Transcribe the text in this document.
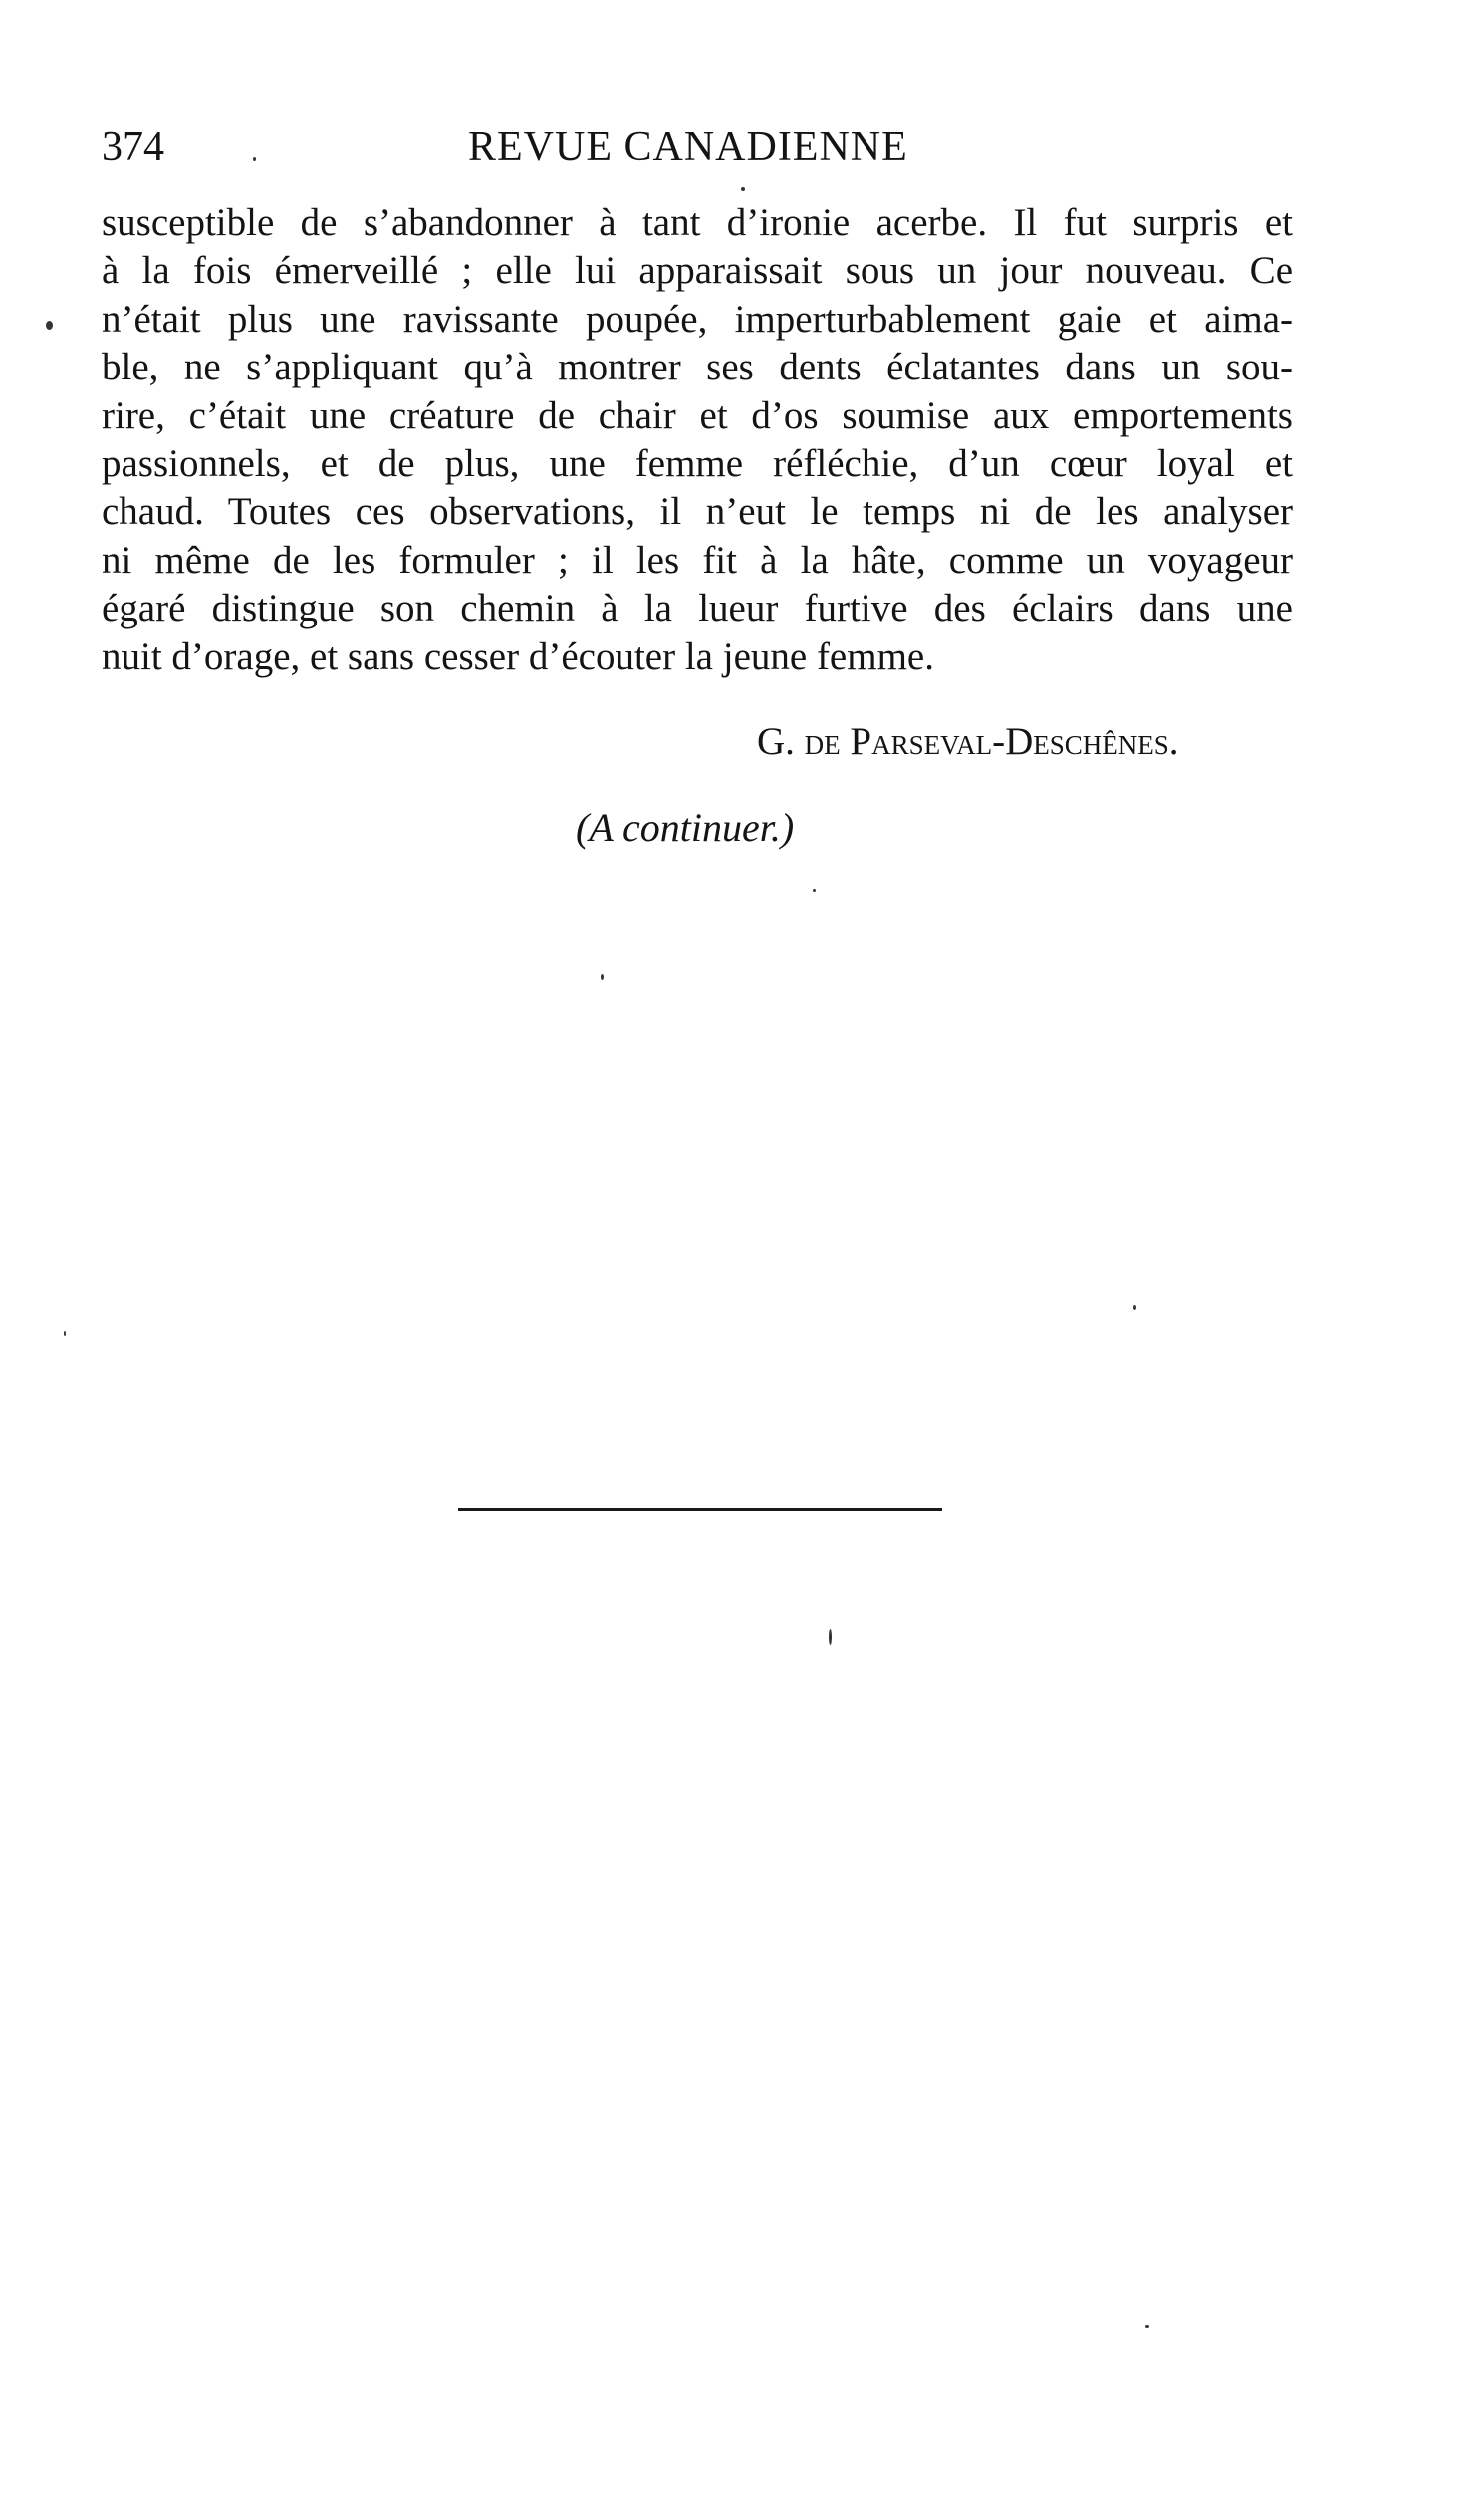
374	REVUE CANADIENNE
susceptible de s’abandonner à tant d’ironie acerbe. Il fut surpris et
à la fois émerveillé ; elle lui apparaissait sous un jour nouveau. Ce
n’était plus une ravissante poupée, imperturbablement gaie et aima-
ble, ne s’appliquant qu’à montrer ses dents éclatantes dans un sou-
rire, c’était une créature de chair et d’os soumise aux emportements
passionnels, et de plus, une femme réfléchie, d’un cœur loyal et
chaud. Toutes ces observations, il n’eut le temps ni de les analyser
ni même de les formuler ; il les fit à la hâte, comme un voyageur
égaré distingue son chemin à la lueur furtive des éclairs dans une
nuit d’orage, et sans cesser d’écouter la jeune femme.
G. de Parseval-Deschênes.
(A continuer.)
